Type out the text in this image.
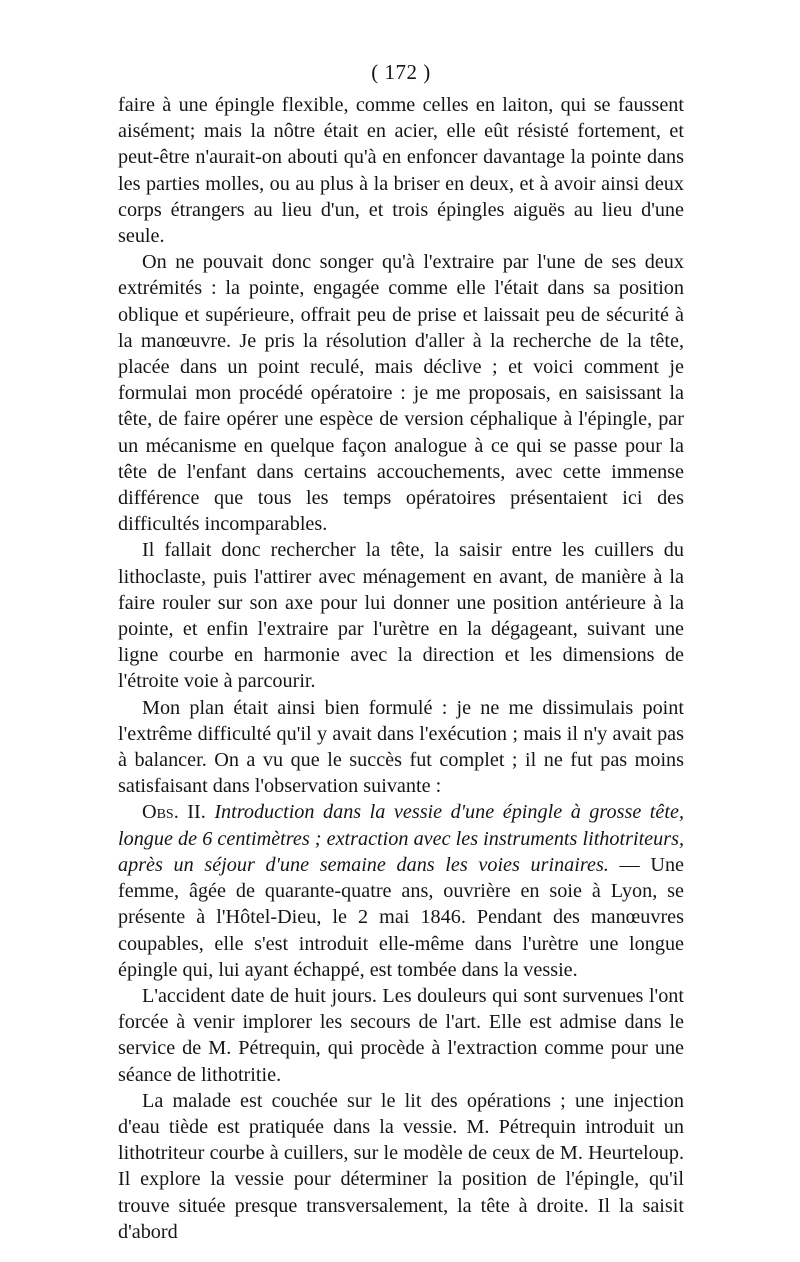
( 172 )

faire à une épingle flexible, comme celles en laiton, qui se faussent aisément; mais la nôtre était en acier, elle eût résisté fortement, et peut-être n'aurait-on abouti qu'à en enfoncer davantage la pointe dans les parties molles, ou au plus à la briser en deux, et à avoir ainsi deux corps étrangers au lieu d'un, et trois épingles aiguës au lieu d'une seule.

On ne pouvait donc songer qu'à l'extraire par l'une de ses deux extrémités : la pointe, engagée comme elle l'était dans sa position oblique et supérieure, offrait peu de prise et laissait peu de sécurité à la manœuvre. Je pris la résolution d'aller à la recherche de la tête, placée dans un point reculé, mais déclive ; et voici comment je formulai mon procédé opératoire : je me proposais, en saisissant la tête, de faire opérer une espèce de version céphalique à l'épingle, par un mécanisme en quelque façon analogue à ce qui se passe pour la tête de l'enfant dans certains accouchements, avec cette immense différence que tous les temps opératoires présentaient ici des difficultés incomparables.

Il fallait donc rechercher la tête, la saisir entre les cuillers du lithoclaste, puis l'attirer avec ménagement en avant, de manière à la faire rouler sur son axe pour lui donner une position antérieure à la pointe, et enfin l'extraire par l'urètre en la dégageant, suivant une ligne courbe en harmonie avec la direction et les dimensions de l'étroite voie à parcourir.

Mon plan était ainsi bien formulé : je ne me dissimulais point l'extrême difficulté qu'il y avait dans l'exécution ; mais il n'y avait pas à balancer. On a vu que le succès fut complet ; il ne fut pas moins satisfaisant dans l'observation suivante :

Obs. II. Introduction dans la vessie d'une épingle à grosse tête, longue de 6 centimètres ; extraction avec les instruments lithotriteurs, après un séjour d'une semaine dans les voies urinaires. — Une femme, âgée de quarante-quatre ans, ouvrière en soie à Lyon, se présente à l'Hôtel-Dieu, le 2 mai 1846. Pendant des manœuvres coupables, elle s'est introduit elle-même dans l'urètre une longue épingle qui, lui ayant échappé, est tombée dans la vessie.

L'accident date de huit jours. Les douleurs qui sont survenues l'ont forcée à venir implorer les secours de l'art. Elle est admise dans le service de M. Pétrequin, qui procède à l'extraction comme pour une séance de lithotritie.

La malade est couchée sur le lit des opérations ; une injection d'eau tiède est pratiquée dans la vessie. M. Pétrequin introduit un lithotriteur courbe à cuillers, sur le modèle de ceux de M. Heurteloup. Il explore la vessie pour déterminer la position de l'épingle, qu'il trouve située presque transversalement, la tête à droite. Il la saisit d'abord
